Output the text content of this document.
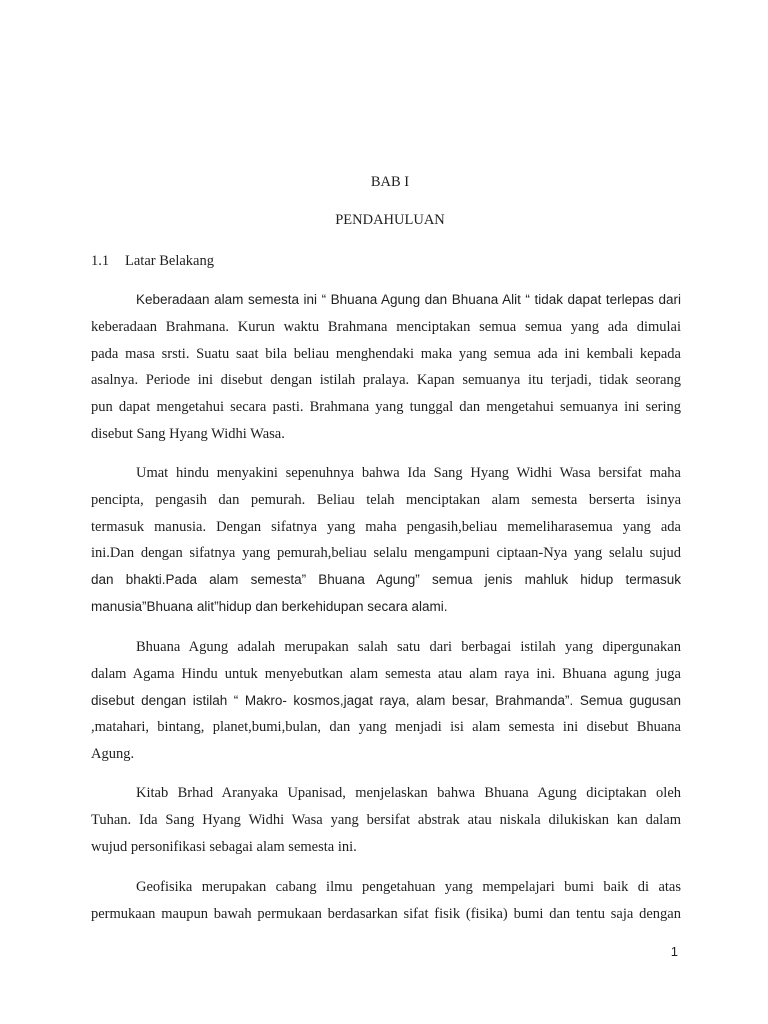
BAB I
PENDAHULUAN
1.1 Latar Belakang
Keberadaan alam semesta ini “ Bhuana Agung dan Bhuana Alit “ tidak dapat terlepas dari
keberadaan Brahmana. Kurun waktu Brahmana menciptakan semua semua yang ada dimulai
pada masa srsti. Suatu saat bila beliau menghendaki maka yang semua ada ini kembali kepada
asalnya. Periode ini disebut dengan istilah pralaya. Kapan semuanya itu terjadi, tidak seorang
pun dapat mengetahui secara pasti. Brahmana yang tunggal dan mengetahui semuanya ini sering
disebut Sang Hyang Widhi Wasa.
Umat hindu menyakini sepenuhnya bahwa Ida Sang Hyang Widhi Wasa bersifat maha
pencipta, pengasih dan pemurah. Beliau telah menciptakan alam semesta berserta isinya
termasuk manusia. Dengan sifatnya yang maha pengasih,beliau memeliharasemua yang ada
ini.Dan dengan sifatnya yang pemurah,beliau selalu mengampuni ciptaan-Nya yang selalu sujud
dan bhakti.Pada alam semesta” Bhuana Agung” semua jenis mahluk hidup termasuk
manusia”Bhuana alit”hidup dan berkehidupan secara alami.
Bhuana Agung adalah merupakan salah satu dari berbagai istilah yang dipergunakan
dalam Agama Hindu untuk menyebutkan alam semesta atau alam raya ini. Bhuana agung juga
disebut dengan istilah “ Makro- kosmos,jagat raya, alam besar, Brahmanda”. Semua gugusan
,matahari, bintang, planet,bumi,bulan, dan yang menjadi isi alam semesta ini disebut Bhuana
Agung.
Kitab Brhad Aranyaka Upanisad, menjelaskan bahwa Bhuana Agung diciptakan oleh
Tuhan. Ida Sang Hyang Widhi Wasa yang bersifat abstrak atau niskala dilukiskan kan dalam
wujud personifikasi sebagai alam semesta ini.
Geofisika merupakan cabang ilmu pengetahuan yang mempelajari bumi baik di atas
permukaan maupun bawah permukaan berdasarkan sifat fisik (fisika) bumi dan tentu saja dengan
1
